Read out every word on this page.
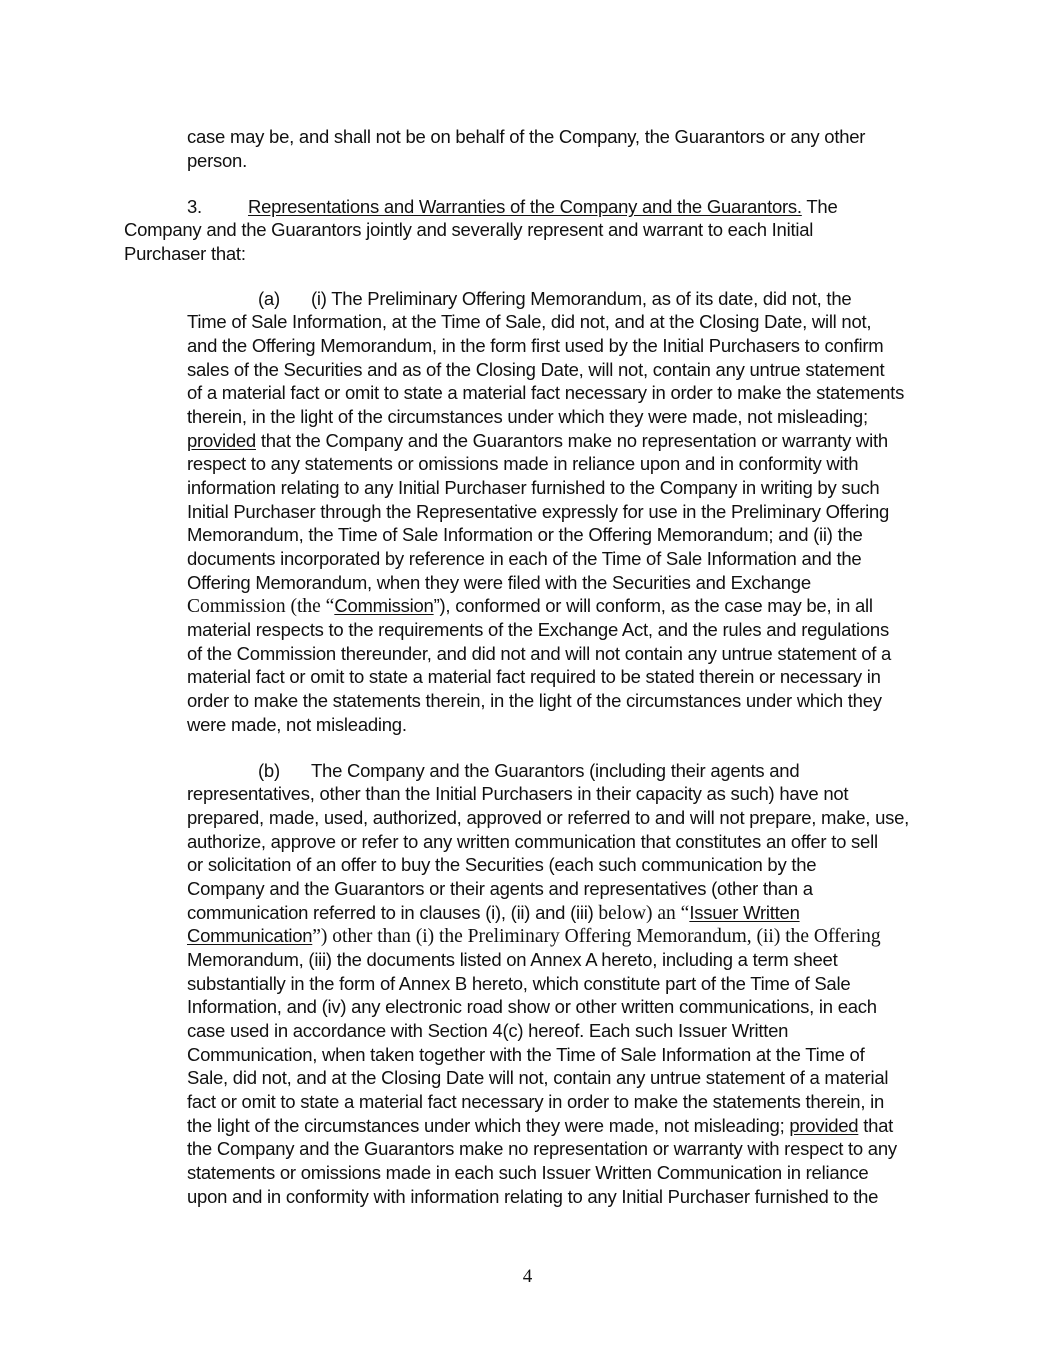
case may be, and shall not be on behalf of the Company, the Guarantors or any other
person.
3. Representations and Warranties of the Company and the Guarantors. The
Company and the Guarantors jointly and severally represent and warrant to each Initial
Purchaser that:
(a) (i) The Preliminary Offering Memorandum, as of its date, did not, the
Time of Sale Information, at the Time of Sale, did not, and at the Closing Date, will not,
and the Offering Memorandum, in the form first used by the Initial Purchasers to confirm
sales of the Securities and as of the Closing Date, will not, contain any untrue statement
of a material fact or omit to state a material fact necessary in order to make the statements
therein, in the light of the circumstances under which they were made, not misleading;
provided that the Company and the Guarantors make no representation or warranty with
respect to any statements or omissions made in reliance upon and in conformity with
information relating to any Initial Purchaser furnished to the Company in writing by such
Initial Purchaser through the Representative expressly for use in the Preliminary Offering
Memorandum, the Time of Sale Information or the Offering Memorandum; and (ii) the
documents incorporated by reference in each of the Time of Sale Information and the
Offering Memorandum, when they were filed with the Securities and Exchange
Commission (the “Commission”), conformed or will conform, as the case may be, in all
material respects to the requirements of the Exchange Act, and the rules and regulations
of the Commission thereunder, and did not and will not contain any untrue statement of a
material fact or omit to state a material fact required to be stated therein or necessary in
order to make the statements therein, in the light of the circumstances under which they
were made, not misleading.
(b) The Company and the Guarantors (including their agents and
representatives, other than the Initial Purchasers in their capacity as such) have not
prepared, made, used, authorized, approved or referred to and will not prepare, make, use,
authorize, approve or refer to any written communication that constitutes an offer to sell
or solicitation of an offer to buy the Securities (each such communication by the
Company and the Guarantors or their agents and representatives (other than a
communication referred to in clauses (i), (ii) and (iii) below) an “Issuer Written
Communication”) other than (i) the Preliminary Offering Memorandum, (ii) the Offering
Memorandum, (iii) the documents listed on Annex A hereto, including a term sheet
substantially in the form of Annex B hereto, which constitute part of the Time of Sale
Information, and (iv) any electronic road show or other written communications, in each
case used in accordance with Section 4(c) hereof. Each such Issuer Written
Communication, when taken together with the Time of Sale Information at the Time of
Sale, did not, and at the Closing Date will not, contain any untrue statement of a material
fact or omit to state a material fact necessary in order to make the statements therein, in
the light of the circumstances under which they were made, not misleading; provided that
the Company and the Guarantors make no representation or warranty with respect to any
statements or omissions made in each such Issuer Written Communication in reliance
upon and in conformity with information relating to any Initial Purchaser furnished to the
4
